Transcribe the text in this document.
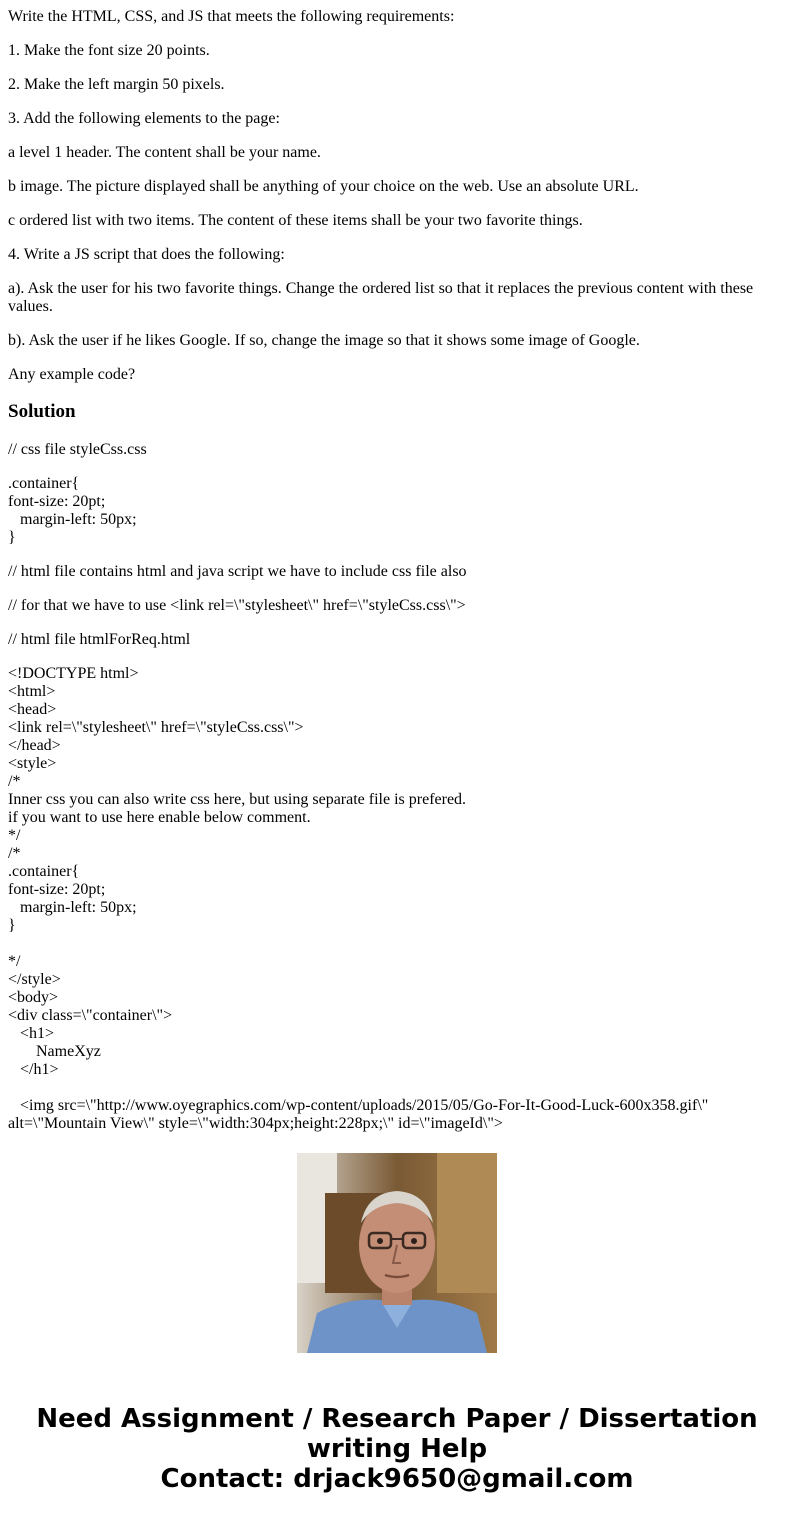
Write the HTML, CSS, and JS that meets the following requirements:

1. Make the font size 20 points.

2. Make the left margin 50 pixels.

3. Add the following elements to the page:

a level 1 header. The content shall be your name.

b image. The picture displayed shall be anything of your choice on the web. Use an absolute URL.

c ordered list with two items. The content of these items shall be your two favorite things.

4. Write a JS script that does the following:

a). Ask the user for his two favorite things. Change the ordered list so that it replaces the previous content with these values.

b). Ask the user if he likes Google. If so, change the image so that it shows some image of Google.

Any example code?

Solution

// css file styleCss.css

.container{
font-size: 20pt;
margin-left: 50px;
}

// html file contains html and java script we have to include css file also

// for that we have to use <link rel=\"stylesheet\" href=\"styleCss.css\">

// html file htmlForReq.html

<!DOCTYPE html>
<html>
<head>
<link rel=\"stylesheet\" href=\"styleCss.css\">
</head>
<style>
/*
Inner css you can also write css here, but using separate file is prefered.
if you want to use here enable below comment.
*/
/*
.container{
font-size: 20pt;
margin-left: 50px;
}

*/
</style>
<body>
<div class=\"container\">
<h1>
NameXyz
</h1>

<img src=\"http://www.oyegraphics.com/wp-content/uploads/2015/05/Go-For-It-Good-Luck-600x358.gif\"
alt=\"Mountain View\" style=\"width:304px;height:228px;\" id=\"imageId\">
Need Assignment / Research Paper / Dissertation
writing Help
Contact: drjack9650@gmail.com
